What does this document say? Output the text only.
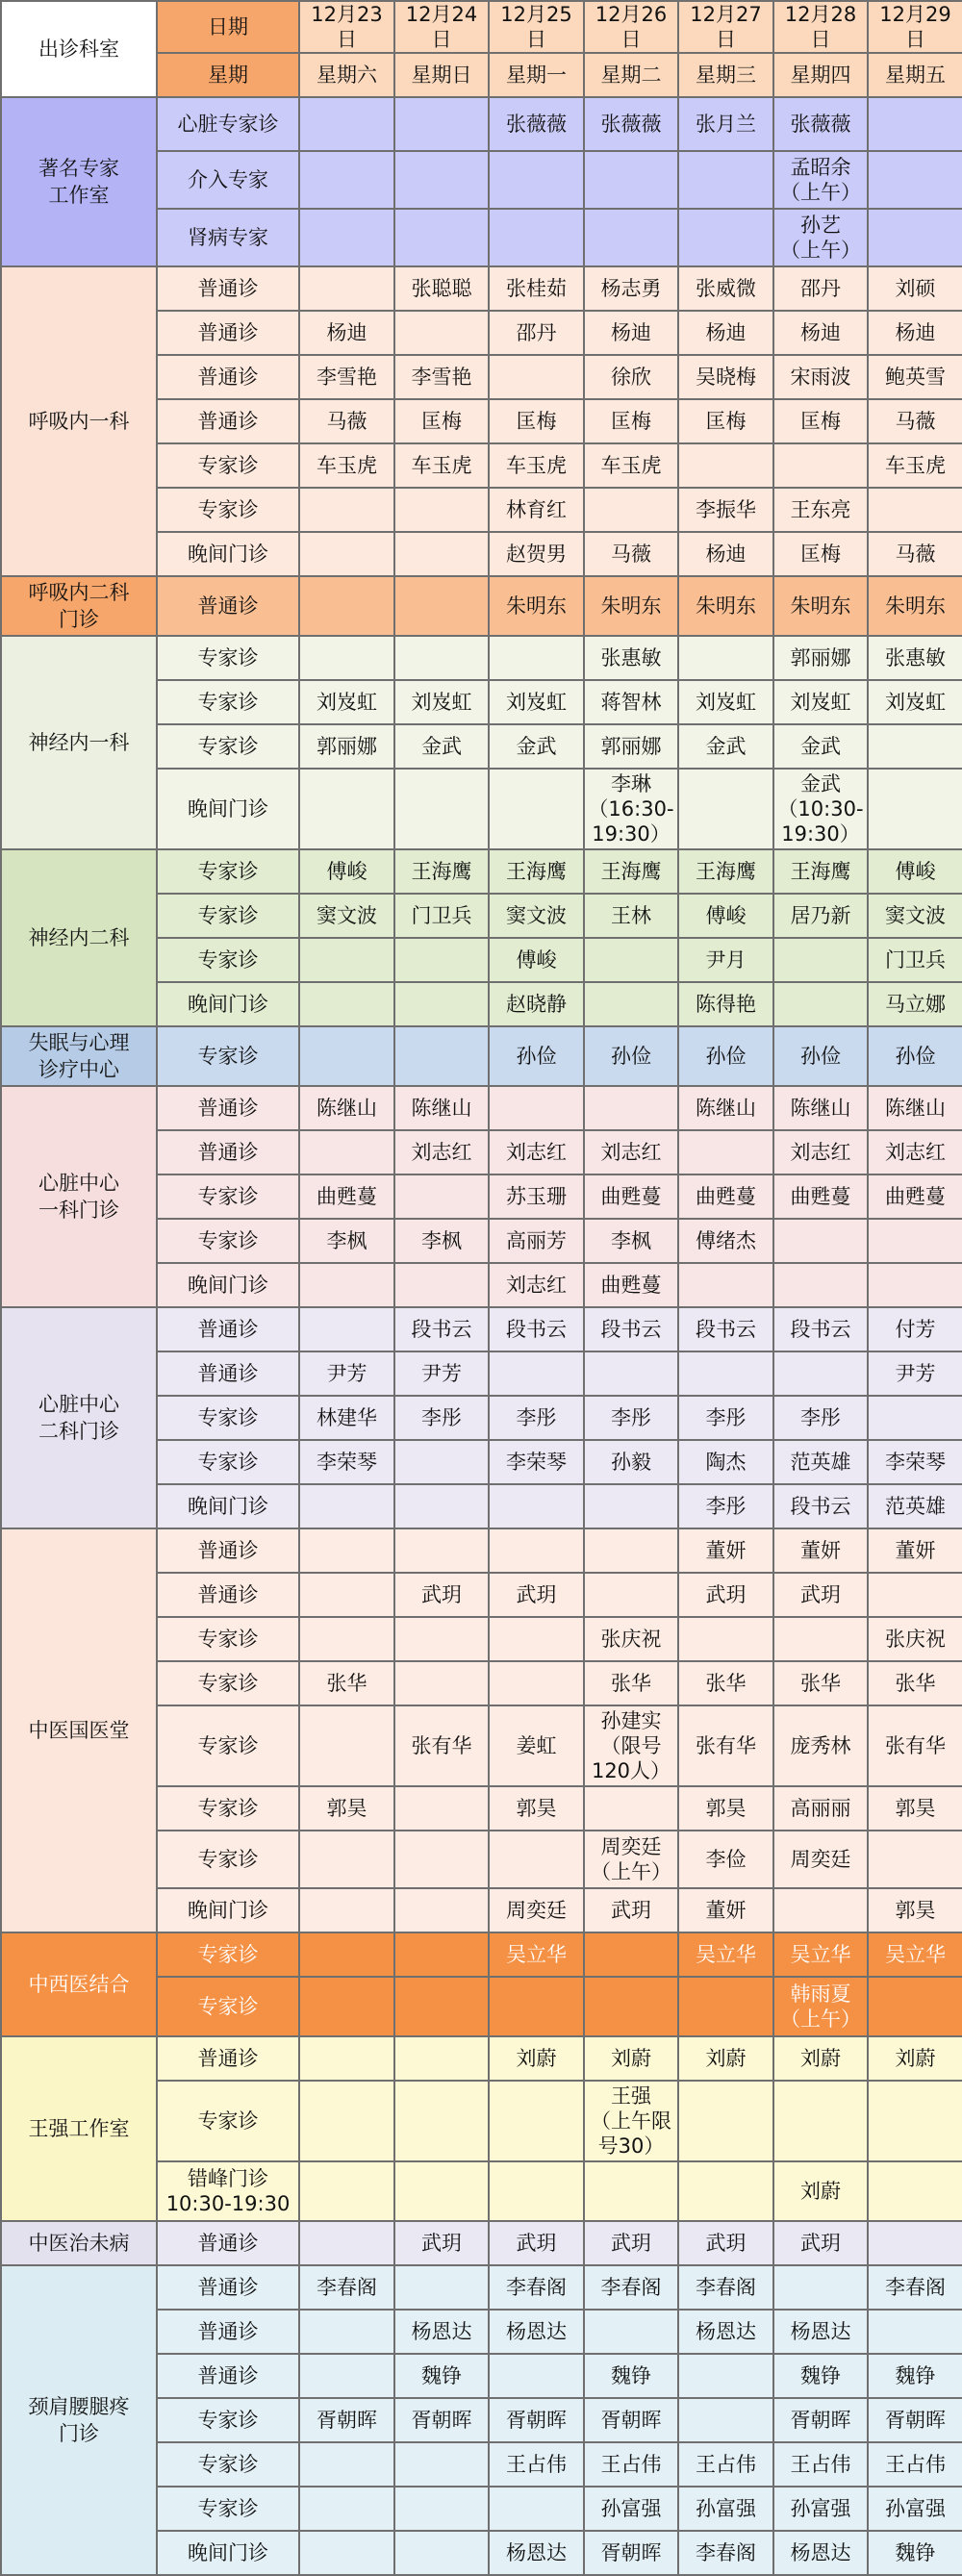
出诊科室	日期	12月23日	12月24日	12月25日	12月26日	12月27日	12月28日	12月29日
	星期	星期六	星期日	星期一	星期二	星期三	星期四	星期五
著名专家
工作室	心脏专家诊			张薇薇	张薇薇	张月兰	张薇薇	
	介入专家						孟昭余
（上午）	
	肾病专家						孙艺
（上午）	
呼吸内一科	普通诊		张聪聪	张桂茹	杨志勇	张威微	邵丹	刘硕
	普通诊	杨迪		邵丹	杨迪	杨迪	杨迪	杨迪
	普通诊	李雪艳	李雪艳		徐欣	吴晓梅	宋雨波	鲍英雪
	普通诊	马薇	匡梅	匡梅	匡梅	匡梅	匡梅	马薇
	专家诊	车玉虎	车玉虎	车玉虎	车玉虎			车玉虎
	专家诊			林育红		李振华	王东亮	
	晚间门诊			赵贺男	马薇	杨迪	匡梅	马薇
呼吸内二科
门诊	普通诊			朱明东	朱明东	朱明东	朱明东	朱明东
神经内一科	专家诊				张惠敏		郭丽娜	张惠敏
	专家诊	刘岌虹	刘岌虹	刘岌虹	蒋智林	刘岌虹	刘岌虹	刘岌虹
	专家诊	郭丽娜	金武	金武	郭丽娜	金武	金武	
	晚间门诊				李琳
（16:30-
19:30）		金武
（10:30-
19:30）	
神经内二科	专家诊	傅峻	王海鹰	王海鹰	王海鹰	王海鹰	王海鹰	傅峻
	专家诊	窦文波	门卫兵	窦文波	王林	傅峻	居乃新	窦文波
	专家诊			傅峻		尹月		门卫兵
	晚间门诊			赵晓静		陈得艳		马立娜
失眠与心理
诊疗中心	专家诊			孙俭	孙俭	孙俭	孙俭	孙俭
心脏中心
一科门诊	普通诊	陈继山	陈继山			陈继山	陈继山	陈继山
	普通诊		刘志红	刘志红	刘志红		刘志红	刘志红
	专家诊	曲甦蔓		苏玉珊	曲甦蔓	曲甦蔓	曲甦蔓	曲甦蔓
	专家诊	李枫	李枫	高丽芳	李枫	傅绪杰		
	晚间门诊			刘志红	曲甦蔓			
心脏中心
二科门诊	普通诊		段书云	段书云	段书云	段书云	段书云	付芳
	普通诊	尹芳	尹芳					尹芳
	专家诊	林建华	李彤	李彤	李彤	李彤	李彤	
	专家诊	李荣琴		李荣琴	孙毅	陶杰	范英雄	李荣琴
	晚间门诊					李彤	段书云	范英雄
中医国医堂	普通诊					董妍	董妍	董妍
	普通诊		武玥	武玥		武玥	武玥	
	专家诊				张庆祝			张庆祝
	专家诊	张华			张华	张华	张华	张华
	专家诊		张有华	姜虹	孙建实
（限号
120人）	张有华	庞秀林	张有华
	专家诊	郭昊		郭昊		郭昊	高丽丽	郭昊
	专家诊				周奕廷
（上午）	李俭	周奕廷	
	晚间门诊			周奕廷	武玥	董妍		郭昊
中西医结合	专家诊			吴立华		吴立华	吴立华	吴立华
	专家诊						韩雨夏
（上午）	
王强工作室	普通诊			刘蔚	刘蔚	刘蔚	刘蔚	刘蔚
	专家诊				王强
（上午限
号30）			
	错峰门诊
10:30-19:30						刘蔚	
中医治未病	普通诊		武玥	武玥	武玥	武玥	武玥	
颈肩腰腿疼
门诊	普通诊	李春阁		李春阁	李春阁	李春阁		李春阁
	普通诊		杨恩达	杨恩达		杨恩达	杨恩达	
	普通诊		魏铮		魏铮		魏铮	魏铮
	专家诊	胥朝晖	胥朝晖	胥朝晖	胥朝晖		胥朝晖	胥朝晖
	专家诊			王占伟	王占伟	王占伟	王占伟	王占伟
	专家诊				孙富强	孙富强	孙富强	孙富强
	晚间门诊			杨恩达	胥朝晖	李春阁	杨恩达	魏铮
